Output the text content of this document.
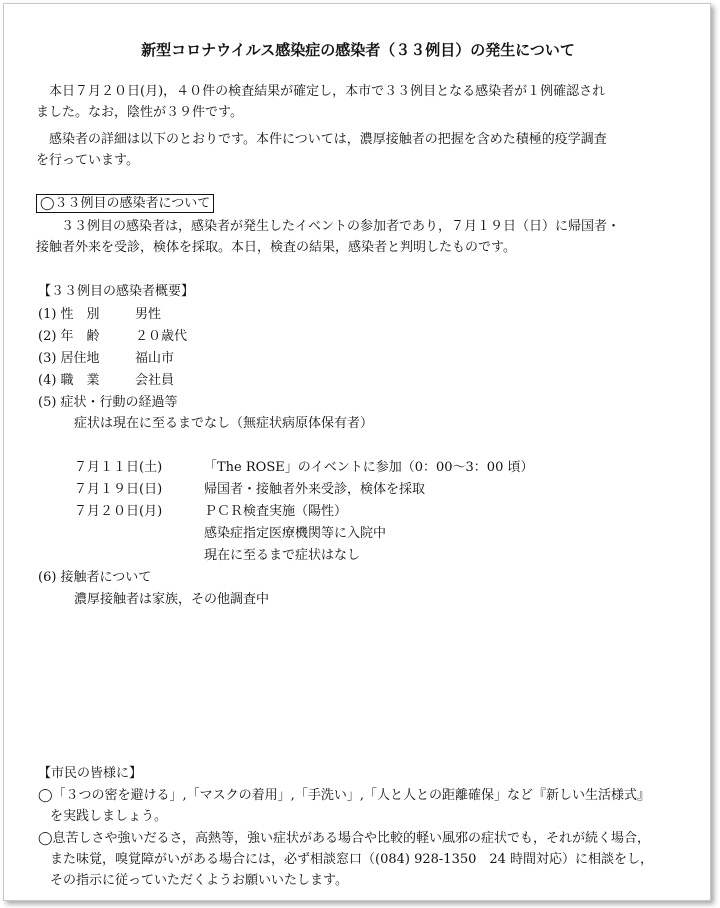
新型コロナウイルス感染症の感染者（３３例目）の発生について
本日７月２０日(月)，４０件の検査結果が確定し，本市で３３例目となる感染者が１例確認され
ました。なお，陰性が３９件です。
感染者の詳細は以下のとおりです。本件については，濃厚接触者の把握を含めた積極的疫学調査
を行っています。
◯３３例目の感染者について
３３例目の感染者は，感染者が発生したイベントの参加者であり，７月１９日（日）に帰国者・
接触者外来を受診，検体を採取。本日，検査の結果，感染者と判明したものです。
【３３例目の感染者概要】
(1) 性　別	男性
(2) 年　齢	２０歳代
(3) 居住地	福山市
(4) 職　業	会社員
(5) 症状・行動の経過等
症状は現在に至るまでなし（無症状病原体保有者）
７月１１日(土)	「The ROSE」のイベントに参加（0：00～3：00 頃）
７月１９日(日)	帰国者・接触者外来受診，検体を採取
７月２０日(月)	ＰＣＲ検査実施（陽性）
感染症指定医療機関等に入院中
現在に至るまで症状はなし
(6) 接触者について
濃厚接触者は家族，その他調査中
【市民の皆様に】
◯「３つの密を避ける」,「マスクの着用」,「手洗い」,「人と人との距離確保」など『新しい生活様式』
を実践しましょう。
◯息苦しさや強いだるさ，高熱等，強い症状がある場合や比較的軽い風邪の症状でも，それが続く場合，
また味覚，嗅覚障がいがある場合には，必ず相談窓口（(084) 928-1350　24 時間対応）に相談をし，
その指示に従っていただくようお願いいたします。
